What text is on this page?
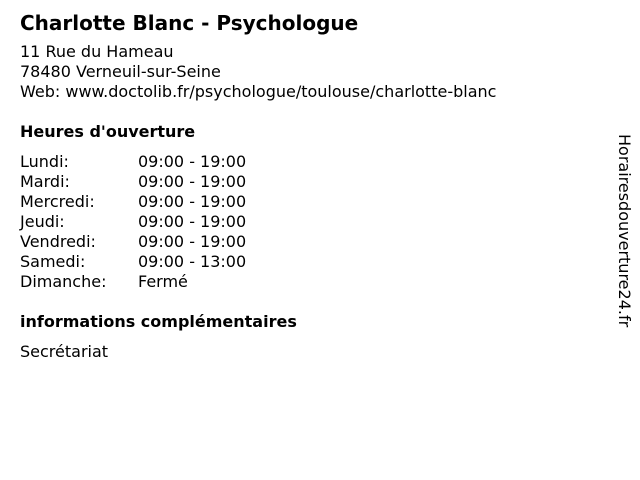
Charlotte Blanc - Psychologue
11 Rue du Hameau
78480 Verneuil-sur-Seine
Web: www.doctolib.fr/psychologue/toulouse/charlotte-blanc
Heures d'ouverture
Lundi:	09:00 - 19:00
Mardi:	09:00 - 19:00
Mercredi:	09:00 - 19:00
Jeudi:	09:00 - 19:00
Vendredi:	09:00 - 19:00
Samedi:	09:00 - 13:00
Dimanche:	Fermé
informations complémentaires
Secrétariat
Horairesdouverture24.fr
